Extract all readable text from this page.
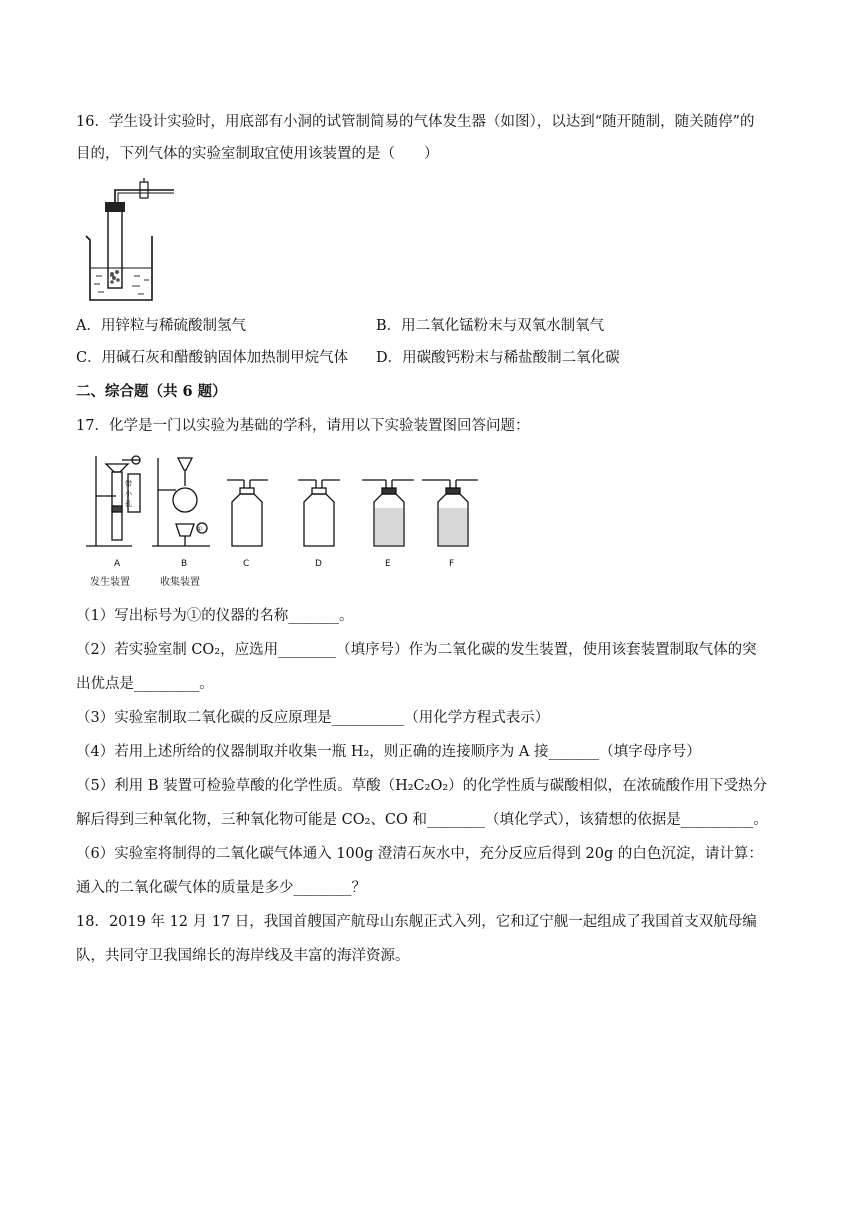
16．学生设计实验时，用底部有小洞的试管制简易的气体发生器（如图），以达到“随开随制，随关随停”的
目的，下列气体的实验室制取宜使用该装置的是（　　）
A．用锌粒与稀硫酸制氢气	B．用二氧化锰粉末与双氧水制氧气
C．用碱石灰和醋酸钠固体加热制甲烷气体 D．用碳酸钙粉末与稀盐酸制二氧化碳
二、综合题（共 6 题）
17．化学是一门以实验为基础的学科，请用以下实验装置图回答问题：
带
小
孔
A
①
B	C	D	E	F
发生装置	收集装置
（1）写出标号为①的仪器的名称_______。
（2）若实验室制 CO₂，应选用________（填序号）作为二氧化碳的发生装置，使用该套装置制取气体的突
出优点是_________。
（3）实验室制取二氧化碳的反应原理是__________（用化学方程式表示）
（4）若用上述所给的仪器制取并收集一瓶 H₂，则正确的连接顺序为 A 接_______（填字母序号）
（5）利用 B 装置可检验草酸的化学性质。草酸（H₂C₂O₂）的化学性质与碳酸相似，在浓硫酸作用下受热分
解后得到三种氧化物，三种氧化物可能是 CO₂、CO 和________（填化学式），该猜想的依据是__________。
（6）实验室将制得的二氧化碳气体通入 100g 澄清石灰水中，充分反应后得到 20g 的白色沉淀，请计算：
通入的二氧化碳气体的质量是多少________？
18．2019 年 12 月 17 日，我国首艘国产航母山东舰正式入列，它和辽宁舰一起组成了我国首支双航母编
队，共同守卫我国绵长的海岸线及丰富的海洋资源。
